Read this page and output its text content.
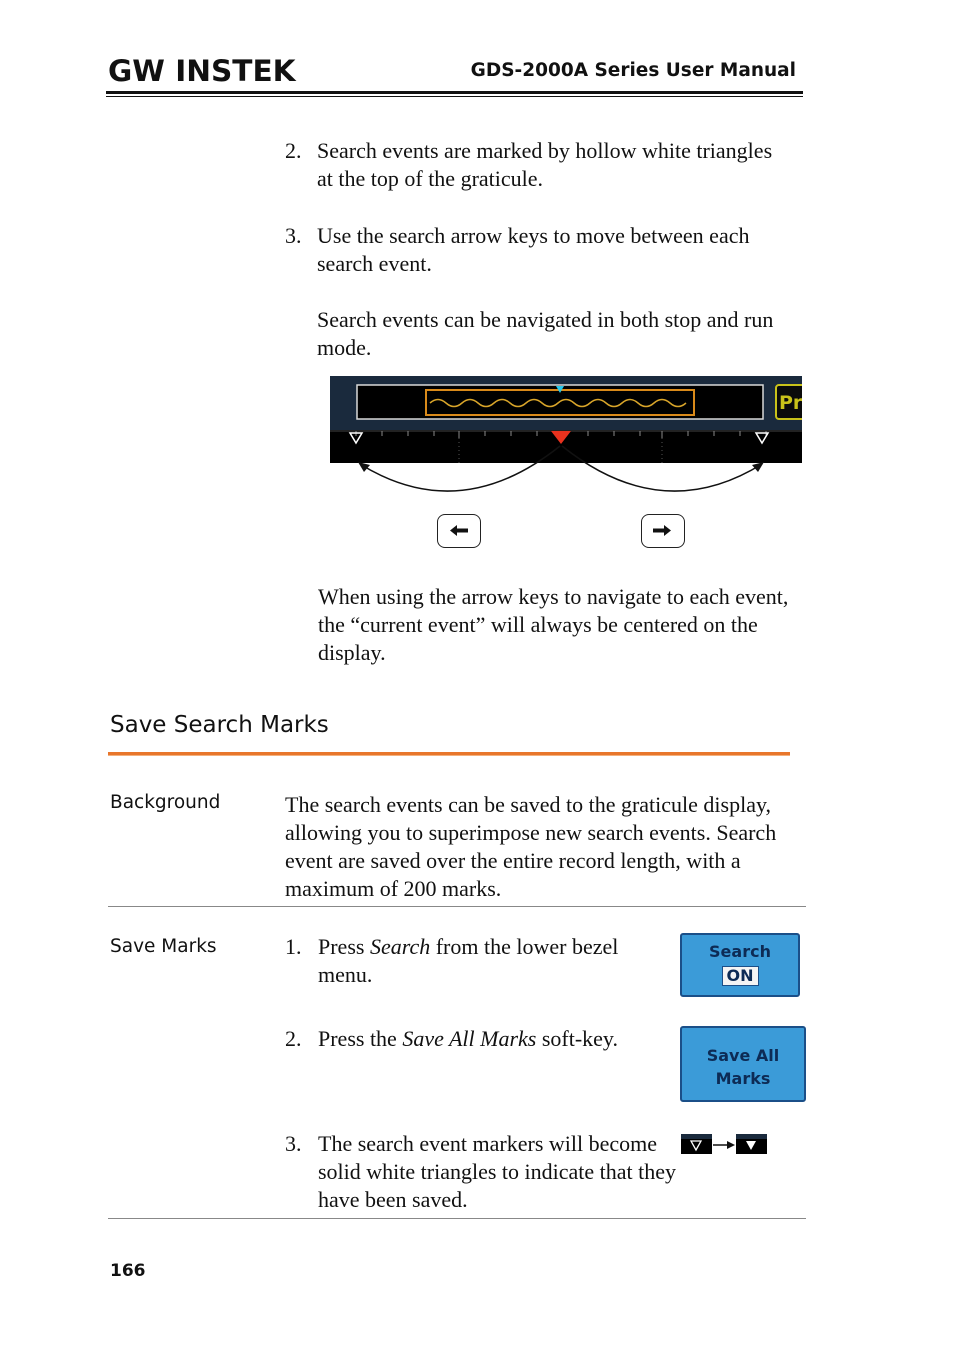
GW INSTEK	GDS-2000A Series User Manual
2. Search events are marked by hollow white triangles at the top of the graticule.
3. Use the search arrow keys to move between each search event.
Search events can be navigated in both stop and run mode.
Pr
When using the arrow keys to navigate to each event, the “current event” will always be centered on the display.
Save Search Marks
Background	The search events can be saved to the graticule display, allowing you to superimpose new search events. Search event are saved over the entire record length, with a maximum of 200 marks.
Save Marks	1. Press Search from the lower bezel menu.
Search
ON
2. Press the Save All Marks soft-key.
Save All
Marks
3. The search event markers will become solid white triangles to indicate that they have been saved.
166
